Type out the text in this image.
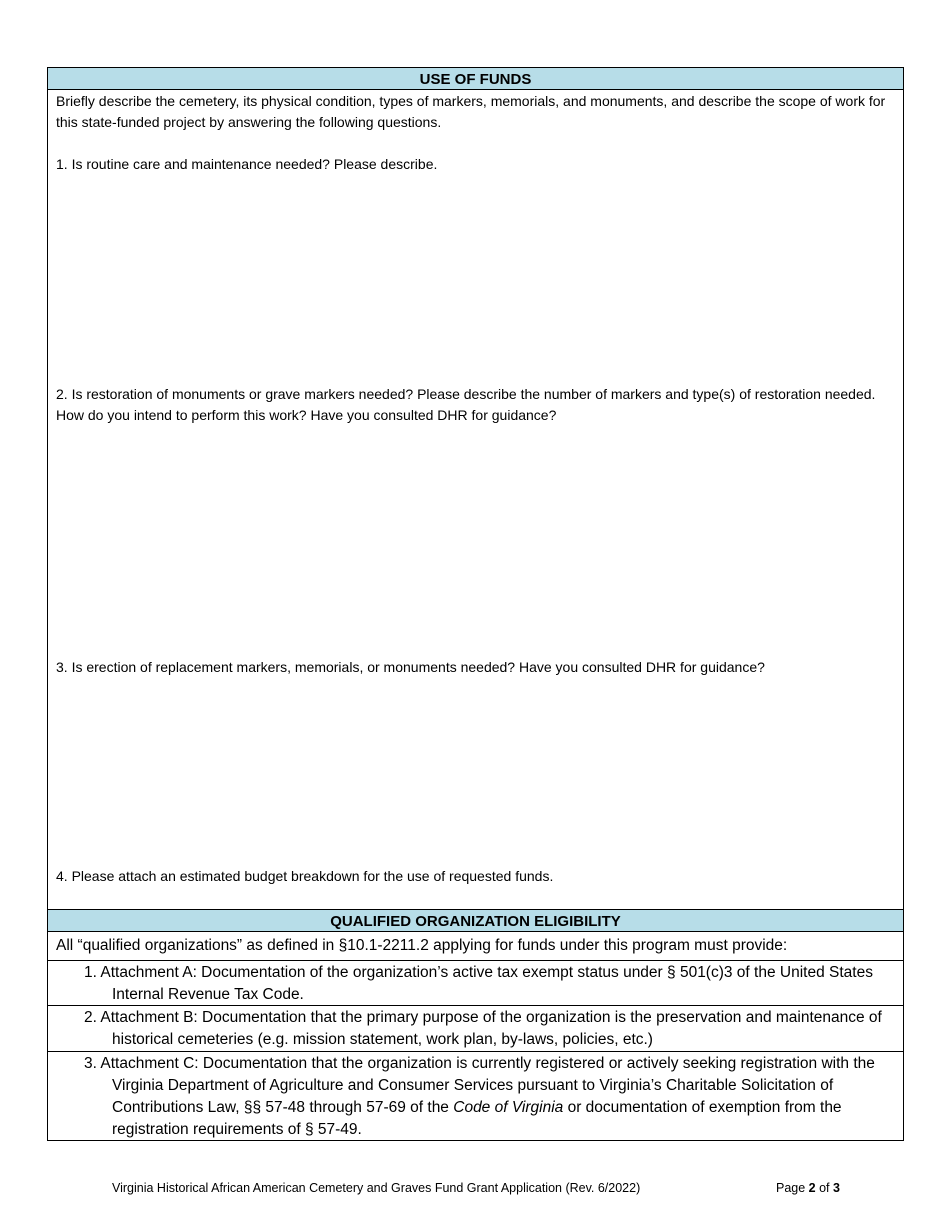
USE OF FUNDS
Briefly describe the cemetery, its physical condition, types of markers, memorials, and monuments, and describe the scope of work for this state-funded project by answering the following questions.
1. Is routine care and maintenance needed? Please describe.
2. Is restoration of monuments or grave markers needed? Please describe the number of markers and type(s) of restoration needed. How do you intend to perform this work? Have you consulted DHR for guidance?
3. Is erection of replacement markers, memorials, or monuments needed? Have you consulted DHR for guidance?
4. Please attach an estimated budget breakdown for the use of requested funds.
QUALIFIED ORGANIZATION ELIGIBILITY
All “qualified organizations” as defined in §10.1-2211.2 applying for funds under this program must provide:
1. Attachment A: Documentation of the organization’s active tax exempt status under § 501(c)3 of the United States Internal Revenue Tax Code.
2. Attachment B: Documentation that the primary purpose of the organization is the preservation and maintenance of historical cemeteries (e.g. mission statement, work plan, by-laws, policies, etc.)
3. Attachment C: Documentation that the organization is currently registered or actively seeking registration with the Virginia Department of Agriculture and Consumer Services pursuant to Virginia’s Charitable Solicitation of Contributions Law, §§ 57-48 through 57-69 of the Code of Virginia or documentation of exemption from the registration requirements of § 57-49.
Virginia Historical African American Cemetery and Graves Fund Grant Application (Rev. 6/2022)	Page 2 of 3
